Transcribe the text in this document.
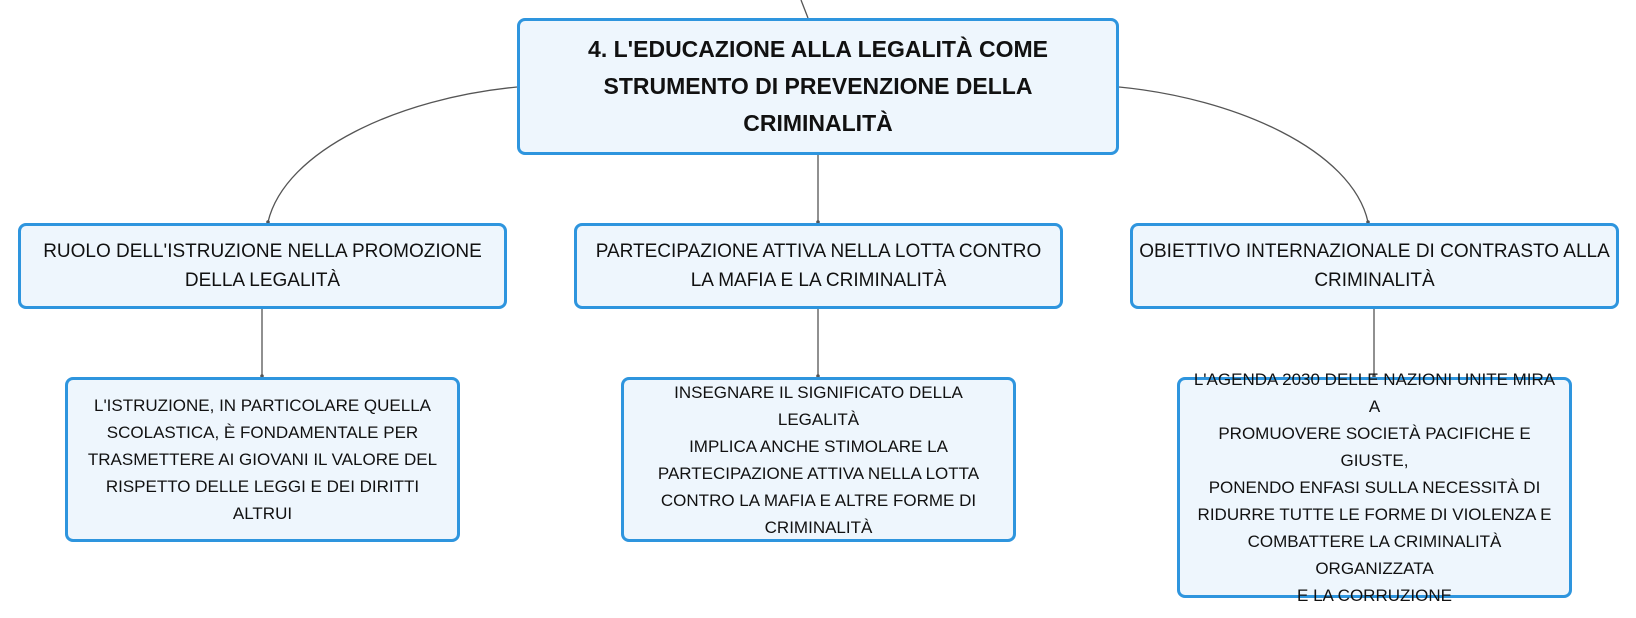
4. L'EDUCAZIONE ALLA LEGALITÀ COME
STRUMENTO DI PREVENZIONE DELLA CRIMINALITÀ
RUOLO DELL'ISTRUZIONE NELLA PROMOZIONE
DELLA LEGALITÀ
PARTECIPAZIONE ATTIVA NELLA LOTTA CONTRO
LA MAFIA E LA CRIMINALITÀ
OBIETTIVO INTERNAZIONALE DI CONTRASTO ALLA
CRIMINALITÀ
L'ISTRUZIONE, IN PARTICOLARE QUELLA
SCOLASTICA, È FONDAMENTALE PER
TRASMETTERE AI GIOVANI IL VALORE DEL
RISPETTO DELLE LEGGI E DEI DIRITTI ALTRUI
INSEGNARE IL SIGNIFICATO DELLA LEGALITÀ
IMPLICA ANCHE STIMOLARE LA
PARTECIPAZIONE ATTIVA NELLA LOTTA
CONTRO LA MAFIA E ALTRE FORME DI
CRIMINALITÀ
L'AGENDA 2030 DELLE NAZIONI UNITE MIRA A
PROMUOVERE SOCIETÀ PACIFICHE E GIUSTE,
PONENDO ENFASI SULLA NECESSITÀ DI
RIDURRE TUTTE LE FORME DI VIOLENZA E
COMBATTERE LA CRIMINALITÀ ORGANIZZATA
E LA CORRUZIONE
